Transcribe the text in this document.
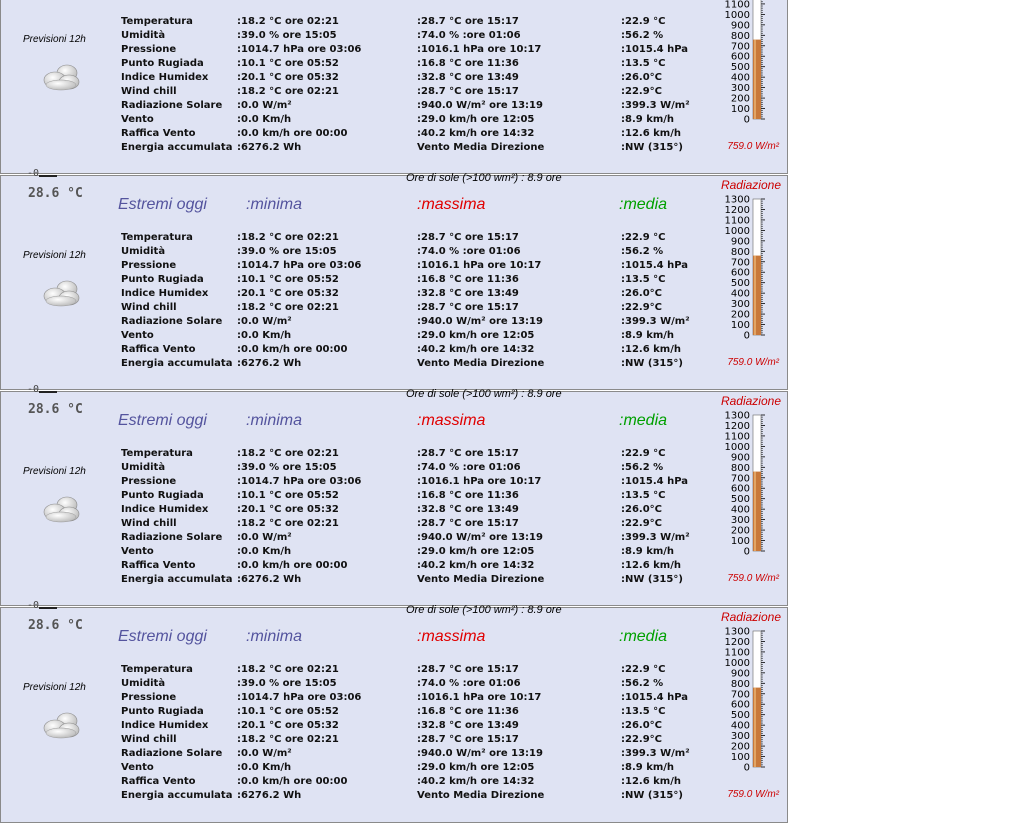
Previsioni 12h
Temperatura	:18.2 °C ore 02:21	:28.7 °C ore 15:17	:22.9 °C
Umidità	:39.0 % ore 15:05	:74.0 % :ore 01:06	:56.2 %
Pressione	:1014.7 hPa ore 03:06	:1016.1 hPa ore 10:17	:1015.4 hPa
Punto Rugiada	:10.1 °C ore 05:52	:16.8 °C ore 11:36	:13.5 °C
Indice Humidex	:20.1 °C ore 05:32	:32.8 °C ore 13:49	:26.0°C
Wind chill	:18.2 °C ore 02:21	:28.7 °C ore 15:17	:22.9°C
Radiazione Solare :0.0 W/m²	:940.0 W/m² ore 13:19	:399.3 W/m²
Vento	:0.0 Km/h	:29.0 km/h ore 12:05	:8.9 km/h
Raffica Vento	:0.0 km/h ore 00:00	:40.2 km/h ore 14:32	:12.6 km/h
Energia accumulata :6276.2 Wh	Vento Media Direzione	:NW (315°)
1100
1000
900
800
700
600
500
400
300
200
100
0
759.0 W/m²
-0	Ore di sole (>100 wm²) : 8.9 ore	Radiazione
28.6 °C
Estremi oggi :minima	:massima	:media
Previsioni 12h
Temperatura	:18.2 °C ore 02:21	:28.7 °C ore 15:17	:22.9 °C
Umidità	:39.0 % ore 15:05	:74.0 % :ore 01:06	:56.2 %
Pressione	:1014.7 hPa ore 03:06	:1016.1 hPa ore 10:17	:1015.4 hPa
Punto Rugiada	:10.1 °C ore 05:52	:16.8 °C ore 11:36	:13.5 °C
Indice Humidex	:20.1 °C ore 05:32	:32.8 °C ore 13:49	:26.0°C
Wind chill	:18.2 °C ore 02:21	:28.7 °C ore 15:17	:22.9°C
Radiazione Solare :0.0 W/m²	:940.0 W/m² ore 13:19	:399.3 W/m²
Vento	:0.0 Km/h	:29.0 km/h ore 12:05	:8.9 km/h
Raffica Vento	:0.0 km/h ore 00:00	:40.2 km/h ore 14:32	:12.6 km/h
Energia accumulata :6276.2 Wh	Vento Media Direzione	:NW (315°)
1300
1200
1100
1000
900
800
700
600
500
400
300
200
100
0
759.0 W/m²
-0	Ore di sole (>100 wm²) : 8.9 ore	Radiazione
28.6 °C
Estremi oggi :minima	:massima	:media
Previsioni 12h
Temperatura	:18.2 °C ore 02:21	:28.7 °C ore 15:17	:22.9 °C
Umidità	:39.0 % ore 15:05	:74.0 % :ore 01:06	:56.2 %
Pressione	:1014.7 hPa ore 03:06	:1016.1 hPa ore 10:17	:1015.4 hPa
Punto Rugiada	:10.1 °C ore 05:52	:16.8 °C ore 11:36	:13.5 °C
Indice Humidex	:20.1 °C ore 05:32	:32.8 °C ore 13:49	:26.0°C
Wind chill	:18.2 °C ore 02:21	:28.7 °C ore 15:17	:22.9°C
Radiazione Solare :0.0 W/m²	:940.0 W/m² ore 13:19	:399.3 W/m²
Vento	:0.0 Km/h	:29.0 km/h ore 12:05	:8.9 km/h
Raffica Vento	:0.0 km/h ore 00:00	:40.2 km/h ore 14:32	:12.6 km/h
Energia accumulata :6276.2 Wh	Vento Media Direzione	:NW (315°)
1300
1200
1100
1000
900
800
700
600
500
400
300
200
100
0
759.0 W/m²
-0	Ore di sole (>100 wm²) : 8.9 ore	Radiazione
28.6 °C
Estremi oggi :minima	:massima	:media
Previsioni 12h
Temperatura	:18.2 °C ore 02:21	:28.7 °C ore 15:17	:22.9 °C
Umidità	:39.0 % ore 15:05	:74.0 % :ore 01:06	:56.2 %
Pressione	:1014.7 hPa ore 03:06	:1016.1 hPa ore 10:17	:1015.4 hPa
Punto Rugiada	:10.1 °C ore 05:52	:16.8 °C ore 11:36	:13.5 °C
Indice Humidex	:20.1 °C ore 05:32	:32.8 °C ore 13:49	:26.0°C
Wind chill	:18.2 °C ore 02:21	:28.7 °C ore 15:17	:22.9°C
Radiazione Solare :0.0 W/m²	:940.0 W/m² ore 13:19	:399.3 W/m²
Vento	:0.0 Km/h	:29.0 km/h ore 12:05	:8.9 km/h
Raffica Vento	:0.0 km/h ore 00:00	:40.2 km/h ore 14:32	:12.6 km/h
Energia accumulata :6276.2 Wh	Vento Media Direzione	:NW (315°)
1300
1200
1100
1000
900
800
700
600
500
400
300
200
100
0
759.0 W/m²
